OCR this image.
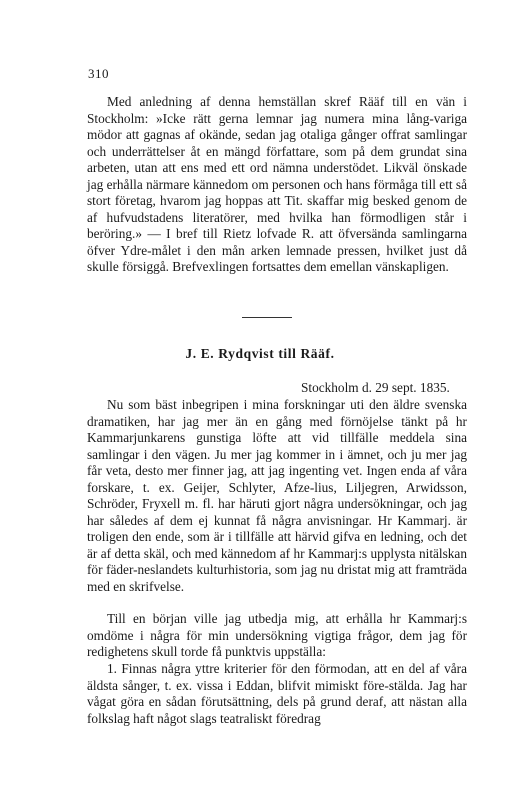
310

Med anledning af denna hemställan skref Rääf till en vän i Stockholm: »Icke rätt gerna lemnar jag numera mina lång-variga mödor att gagnas af okände, sedan jag otaliga gånger offrat samlingar och underrättelser åt en mängd författare, som på dem grundat sina arbeten, utan att ens med ett ord nämna understödet. Likväl önskade jag erhålla närmare kännedom om personen och hans förmåga till ett så stort företag, hvarom jag hoppas att Tit. skaffar mig besked genom de af hufvudstadens literatörer, med hvilka han förmodligen står i beröring.» — I bref till Rietz lofvade R. att öfversända samlingarna öfver Ydre-målet i den mån arken lemnade pressen, hvilket just då skulle försiggå. Brefvexlingen fortsattes dem emellan vänskapligen.

J. E. Rydqvist till Rääf.
Stockholm d. 29 sept. 1835.

Nu som bäst inbegripen i mina forskningar uti den äldre svenska dramatiken, har jag mer än en gång med förnöjelse tänkt på hr Kammarjunkarens gunstiga löfte att vid tillfälle meddela sina samlingar i den vägen. Ju mer jag kommer in i ämnet, och ju mer jag får veta, desto mer finner jag, att jag ingenting vet. Ingen enda af våra forskare, t. ex. Geijer, Schlyter, Afze-lius, Liljegren, Arwidsson, Schröder, Fryxell m. fl. har häruti gjort några undersökningar, och jag har således af dem ej kunnat få några anvisningar. Hr Kammarj. är troligen den ende, som är i tillfälle att härvid gifva en ledning, och det är af detta skäl, och med kännedom af hr Kammarj:s upplysta nitälskan för fäder-neslandets kulturhistoria, som jag nu dristat mig att framträda med en skrifvelse.

Till en början ville jag utbedja mig, att erhålla hr Kammarj:s omdöme i några för min undersökning vigtiga frågor, dem jag för redighetens skull torde få punktvis uppställa:

1. Finnas några yttre kriterier för den förmodan, att en del af våra äldsta sånger, t. ex. vissa i Eddan, blifvit mimiskt före-stälda. Jag har vågat göra en sådan förutsättning, dels på grund deraf, att nästan alla folkslag haft något slags teatraliskt föredrag
